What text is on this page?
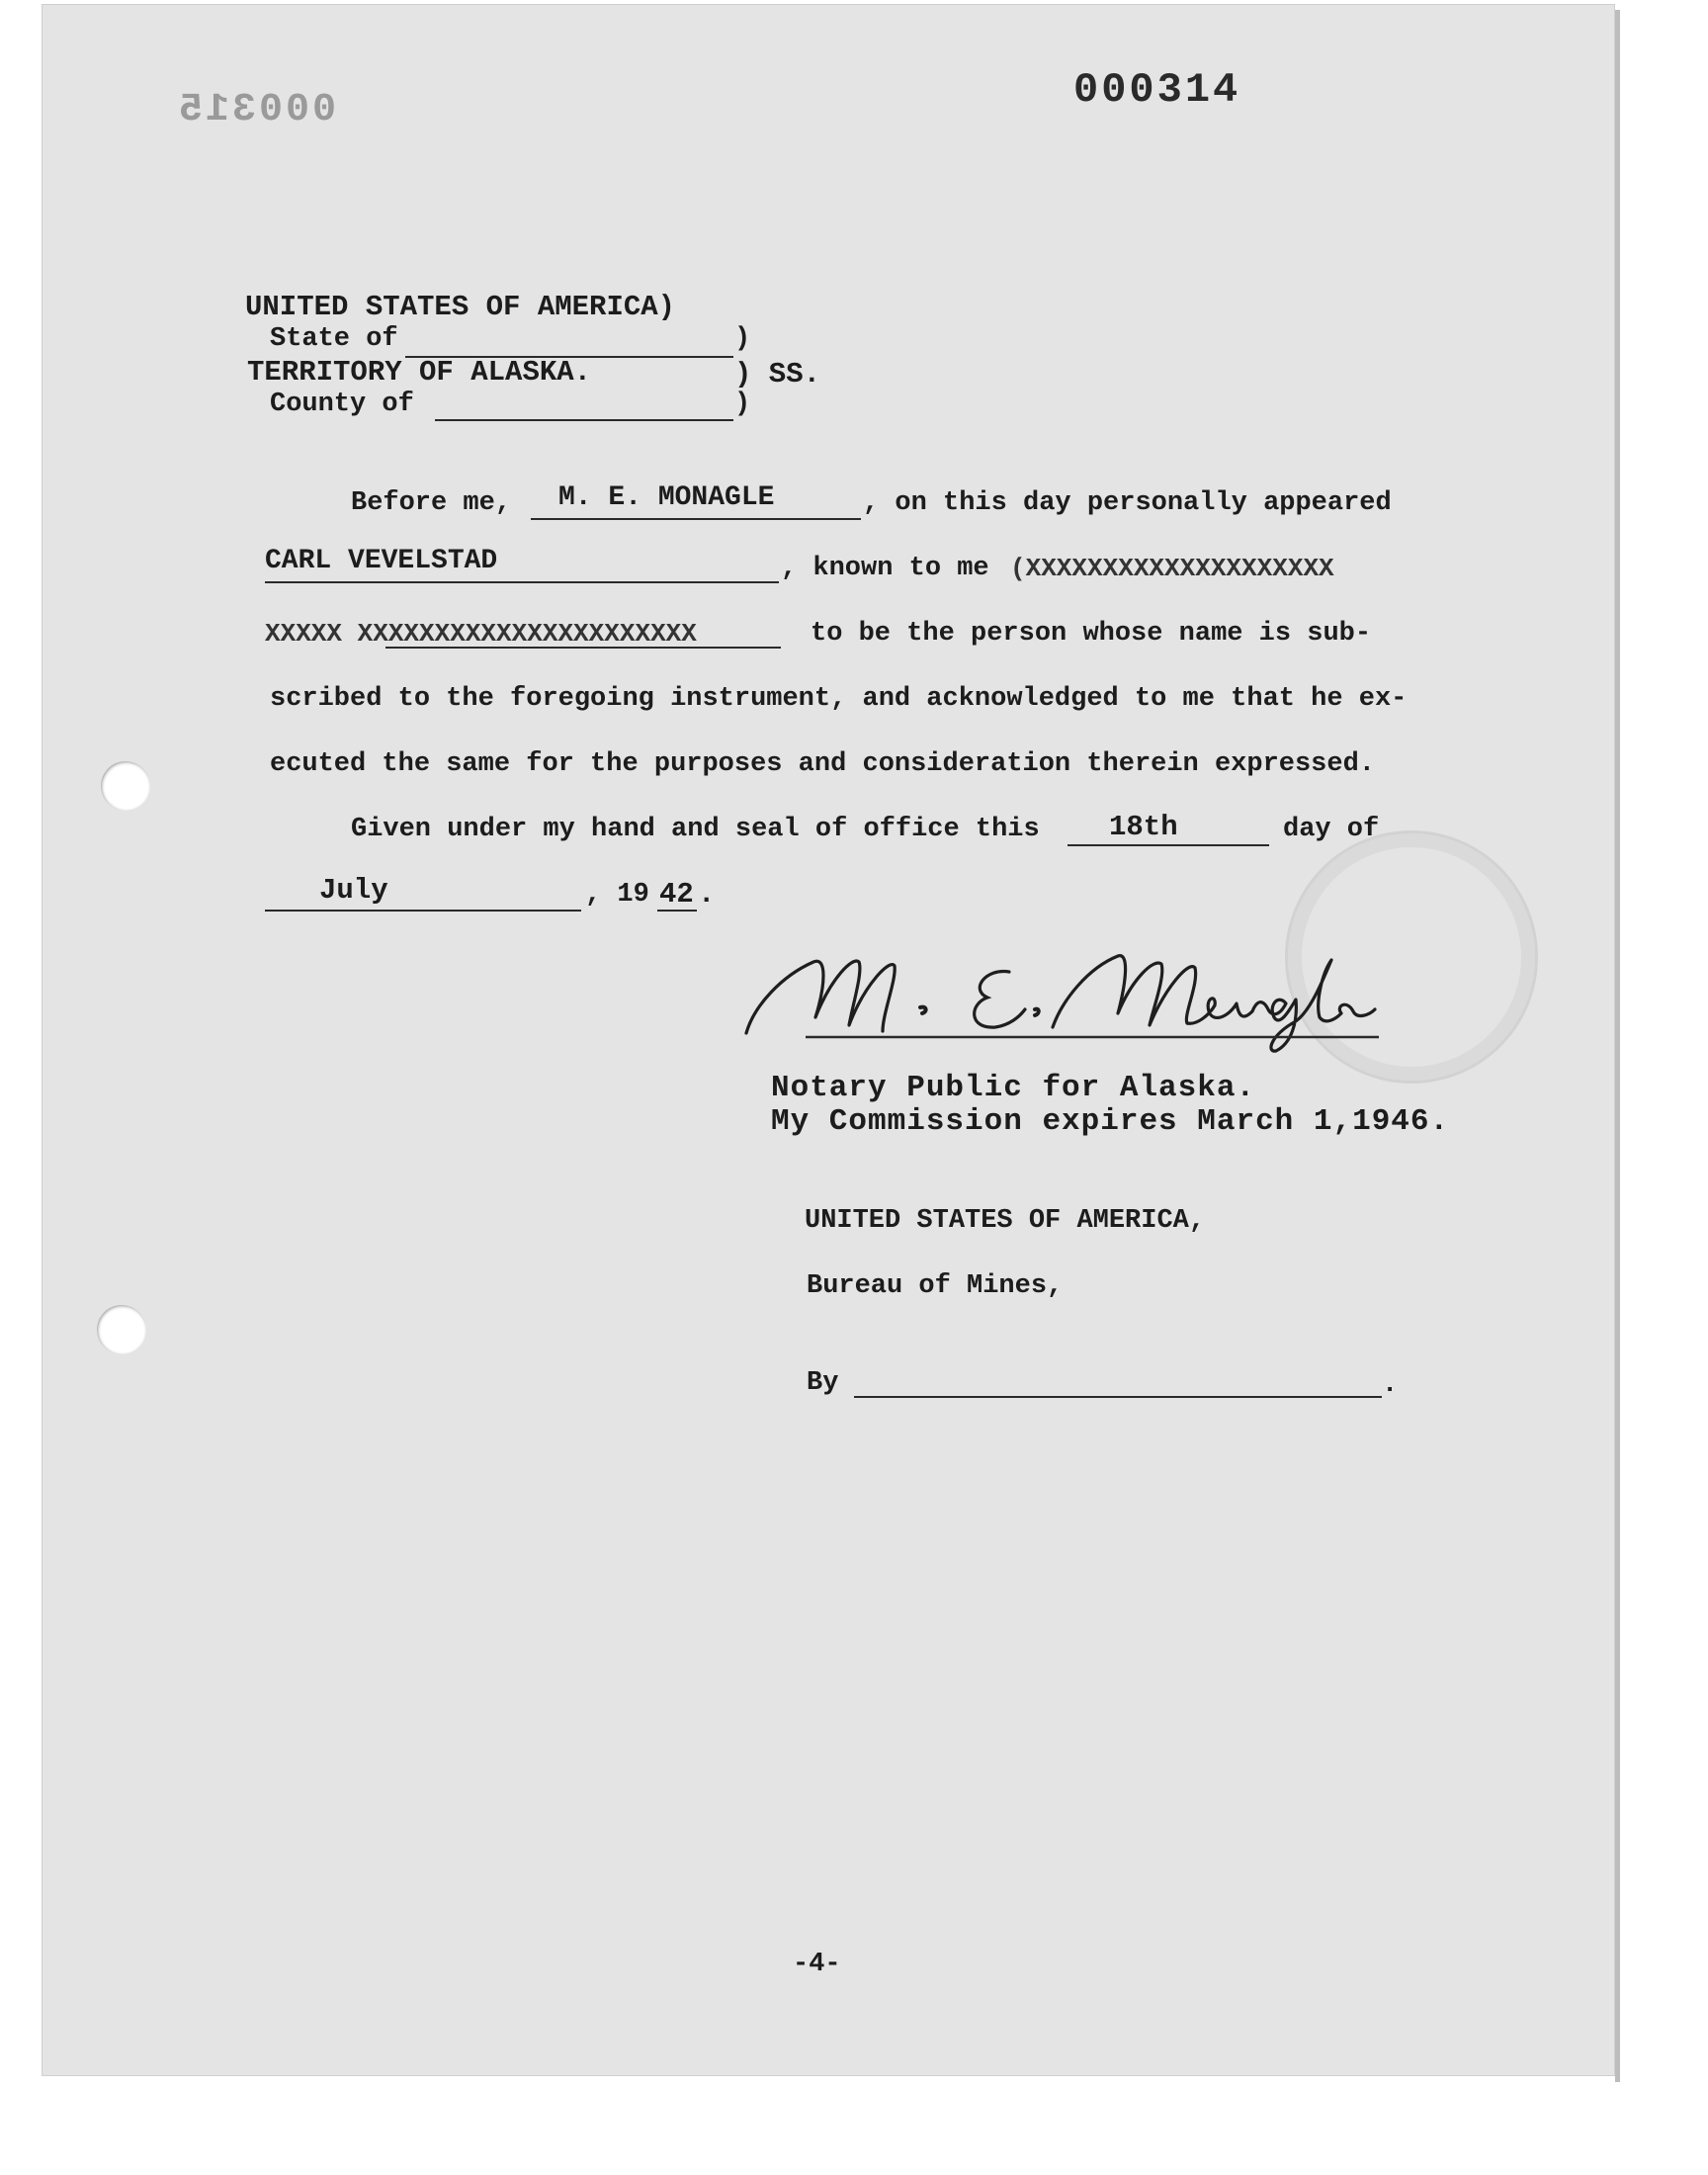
000315	000314
UNITED STATES OF AMERICA)
State of	)
TERRITORY OF ALASKA.	) SS.
County of	)
Before me, M. E. MONAGLE	, on this day personally appeared
CARL VEVELSTAD	, known to me (XXXXXXXXXXXXXXXXXXXX
XXXXX XXXXXXXXXXXXXXXXXXXXXX	to be the person whose name is sub-
scribed to the foregoing instrument, and acknowledged to me that he ex-
ecuted the same for the purposes and consideration therein expressed.
Given under my hand and seal of office this 18th	day of
July	, 19 42 .
Notary Public for Alaska.
My Commission expires March 1,1946.
UNITED STATES OF AMERICA,
Bureau of Mines,
By	.
-4-
